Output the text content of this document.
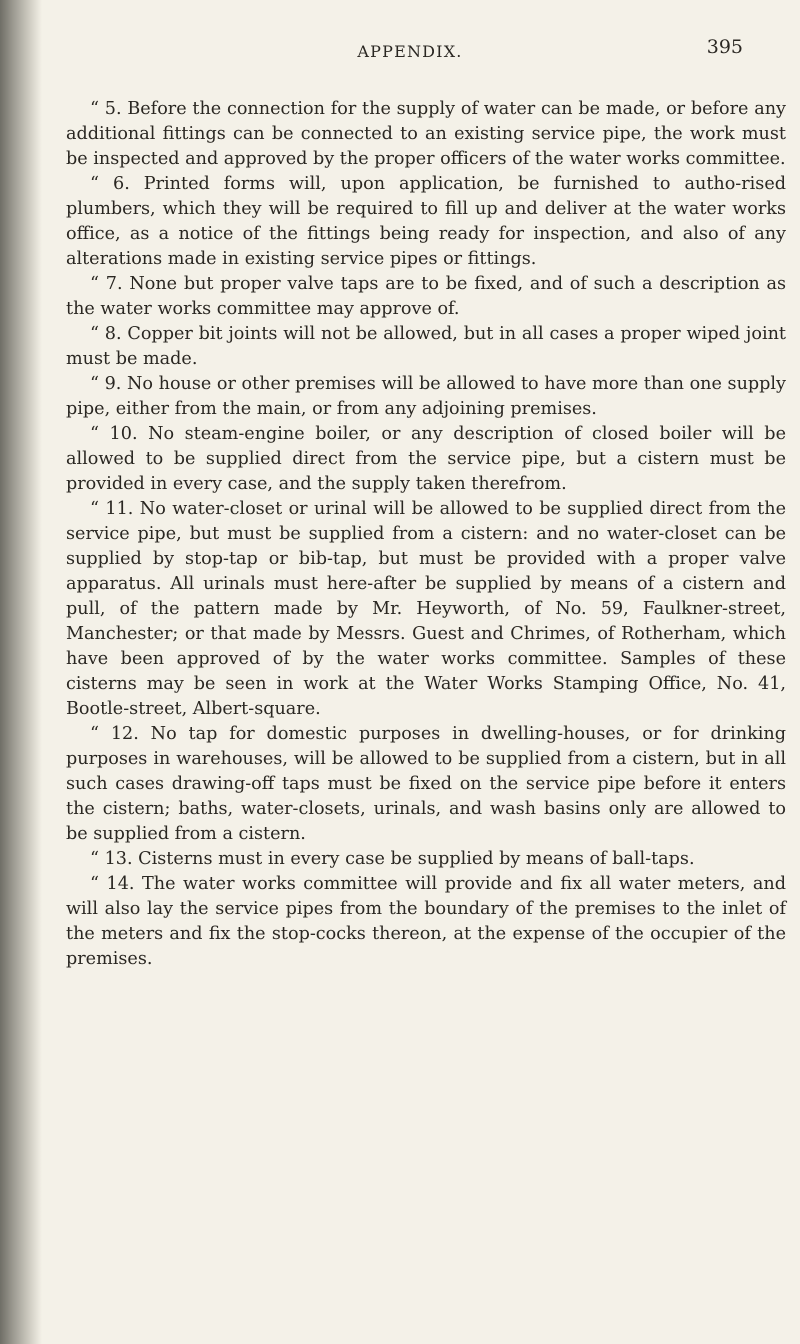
APPENDIX.	395

“ 5. Before the connection for the supply of water can be made, or before any additional fittings can be connected to an existing service pipe, the work must be inspected and approved by the proper officers of the water works committee.

“ 6. Printed forms will, upon application, be furnished to autho-rised plumbers, which they will be required to fill up and deliver at the water works office, as a notice of the fittings being ready for inspection, and also of any alterations made in existing service pipes or fittings.

“ 7. None but proper valve taps are to be fixed, and of such a description as the water works committee may approve of.

“ 8. Copper bit joints will not be allowed, but in all cases a proper wiped joint must be made.

“ 9. No house or other premises will be allowed to have more than one supply pipe, either from the main, or from any adjoining premises.

“ 10. No steam-engine boiler, or any description of closed boiler will be allowed to be supplied direct from the service pipe, but a cistern must be provided in every case, and the supply taken therefrom.

“ 11. No water-closet or urinal will be allowed to be supplied direct from the service pipe, but must be supplied from a cistern: and no water-closet can be supplied by stop-tap or bib-tap, but must be provided with a proper valve apparatus. All urinals must here-after be supplied by means of a cistern and pull, of the pattern made by Mr. Heyworth, of No. 59, Faulkner-street, Manchester; or that made by Messrs. Guest and Chrimes, of Rotherham, which have been approved of by the water works committee. Samples of these cisterns may be seen in work at the Water Works Stamping Office, No. 41, Bootle-street, Albert-square.

“ 12. No tap for domestic purposes in dwelling-houses, or for drinking purposes in warehouses, will be allowed to be supplied from a cistern, but in all such cases drawing-off taps must be fixed on the service pipe before it enters the cistern; baths, water-closets, urinals, and wash basins only are allowed to be supplied from a cistern.

“ 13. Cisterns must in every case be supplied by means of ball-taps.

“ 14. The water works committee will provide and fix all water meters, and will also lay the service pipes from the boundary of the premises to the inlet of the meters and fix the stop-cocks thereon, at the expense of the occupier of the premises.
